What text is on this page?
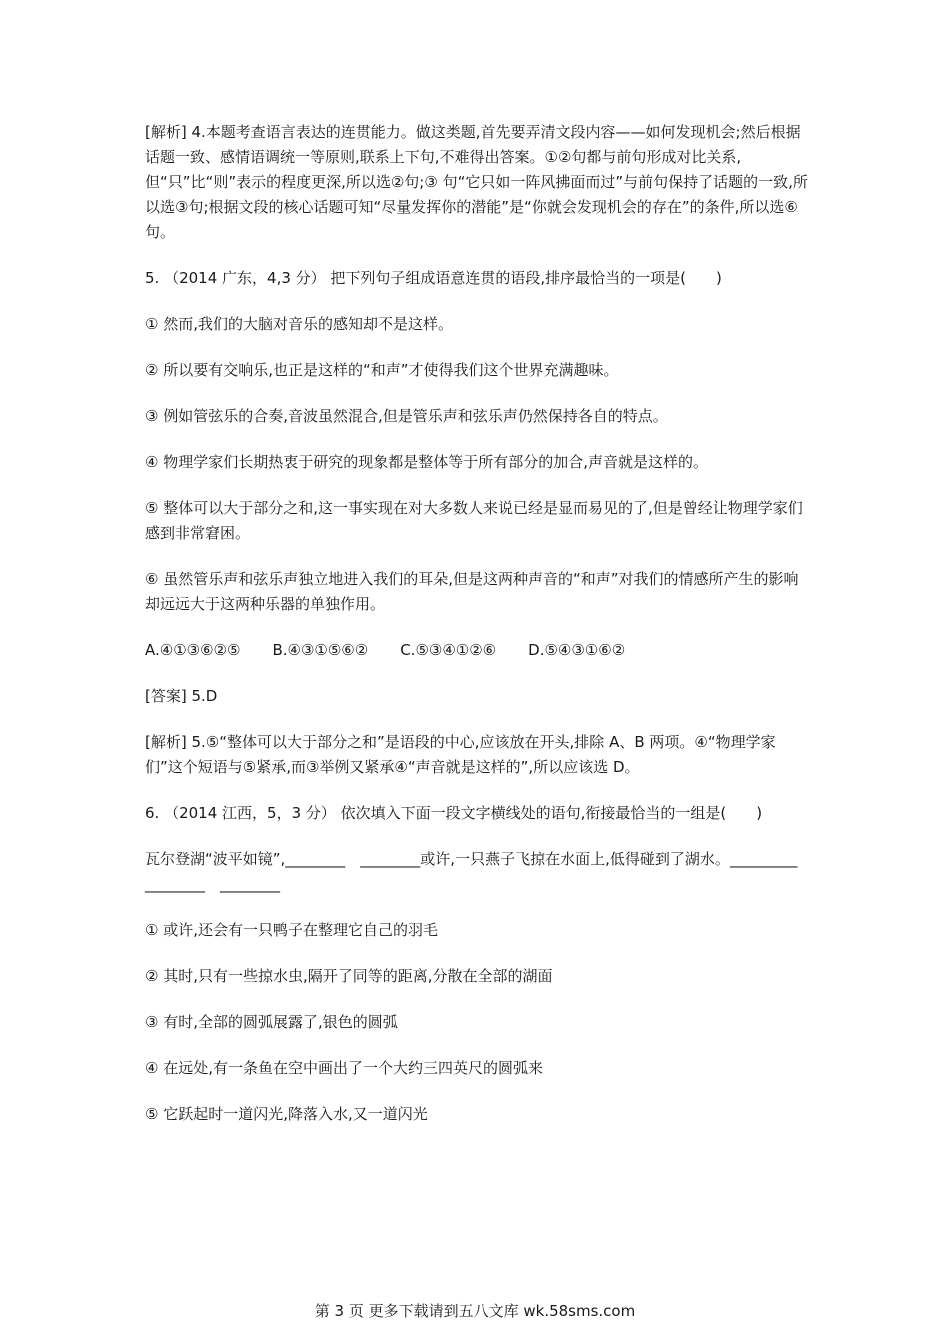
[解析] 4.本题考查语言表达的连贯能力。做这类题,首先要弄清文段内容——如何发现机会;然后根据话题一致、感情语调统一等原则,联系上下句,不难得出答案。①②句都与前句形成对比关系,但“只”比“则”表示的程度更深,所以选②句;③ 句“它只如一阵风拂面而过”与前句保持了话题的一致,所以选③句;根据文段的核心话题可知“尽量发挥你的潜能”是“你就会发现机会的存在”的条件,所以选⑥句。

5. （2014 广东，4,3 分） 把下列句子组成语意连贯的语段,排序最恰当的一项是(　　)

① 然而,我们的大脑对音乐的感知却不是这样。

② 所以要有交响乐,也正是这样的“和声”才使得我们这个世界充满趣味。

③ 例如管弦乐的合奏,音波虽然混合,但是管乐声和弦乐声仍然保持各自的特点。

④ 物理学家们长期热衷于研究的现象都是整体等于所有部分的加合,声音就是这样的。

⑤ 整体可以大于部分之和,这一事实现在对大多数人来说已经是显而易见的了,但是曾经让物理学家们感到非常窘困。

⑥ 虽然管乐声和弦乐声独立地进入我们的耳朵,但是这两种声音的“和声”对我们的情感所产生的影响却远远大于这两种乐器的单独作用。

A.④①③⑥②⑤ B.④③①⑤⑥② C.⑤③④①②⑥ D.⑤④③①⑥②

[答案] 5.D

[解析] 5.⑤“整体可以大于部分之和”是语段的中心,应该放在开头,排除 A、B 两项。④“物理学家们”这个短语与⑤紧承,而③举例又紧承④“声音就是这样的”,所以应该选 D。

6. （2014 江西，5，3 分） 依次填入下面一段文字横线处的语句,衔接最恰当的一组是(　　)

瓦尔登湖“波平如镜”,________　________或许,一只燕子飞掠在水面上,低得碰到了湖水。_________　________　________

① 或许,还会有一只鸭子在整理它自己的羽毛

② 其时,只有一些掠水虫,隔开了同等的距离,分散在全部的湖面

③ 有时,全部的圆弧展露了,银色的圆弧

④ 在远处,有一条鱼在空中画出了一个大约三四英尺的圆弧来

⑤ 它跃起时一道闪光,降落入水,又一道闪光

第 3 页 更多下载请到五八文库 wk.58sms.com
